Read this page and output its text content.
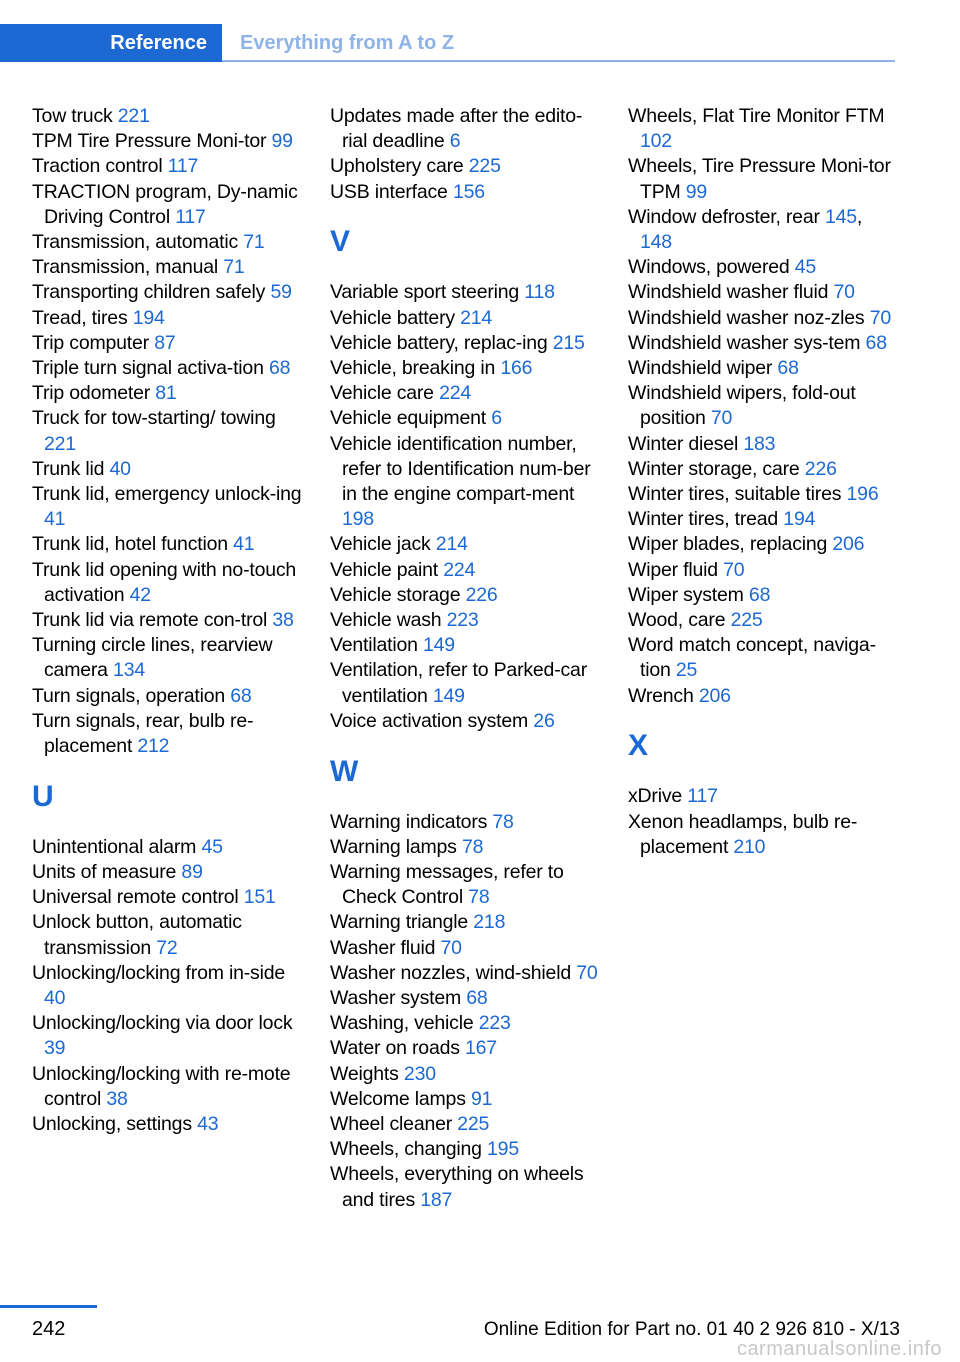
Reference	Everything from A to Z
Tow truck 221
TPM Tire Pressure Moni-tor 99
Traction control 117
TRACTION program, Dy-namic Driving Control 117
Transmission, automatic 71
Transmission, manual 71
Transporting children safely 59
Tread, tires 194
Trip computer 87
Triple turn signal activa-tion 68
Trip odometer 81
Truck for tow-starting/ towing 221
Trunk lid 40
Trunk lid, emergency unlock-ing 41
Trunk lid, hotel function 41
Trunk lid opening with no-touch activation 42
Trunk lid via remote con-trol 38
Turning circle lines, rearview camera 134
Turn signals, operation 68
Turn signals, rear, bulb re-placement 212
U
Unintentional alarm 45
Units of measure 89
Universal remote control 151
Unlock button, automatic transmission 72
Unlocking/locking from in-side 40
Unlocking/locking via door lock 39
Unlocking/locking with re-mote control 38
Unlocking, settings 43
Updates made after the edito-rial deadline 6
Upholstery care 225
USB interface 156
V
Variable sport steering 118
Vehicle battery 214
Vehicle battery, replac-ing 215
Vehicle, breaking in 166
Vehicle care 224
Vehicle equipment 6
Vehicle identification number, refer to Identification num-ber in the engine compart-ment 198
Vehicle jack 214
Vehicle paint 224
Vehicle storage 226
Vehicle wash 223
Ventilation 149
Ventilation, refer to Parked-car ventilation 149
Voice activation system 26
W
Warning indicators 78
Warning lamps 78
Warning messages, refer to Check Control 78
Warning triangle 218
Washer fluid 70
Washer nozzles, wind-shield 70
Washer system 68
Washing, vehicle 223
Water on roads 167
Weights 230
Welcome lamps 91
Wheel cleaner 225
Wheels, changing 195
Wheels, everything on wheels and tires 187
Wheels, Flat Tire Monitor FTM 102
Wheels, Tire Pressure Moni-tor TPM 99
Window defroster, rear 145, 148
Windows, powered 45
Windshield washer fluid 70
Windshield washer noz-zles 70
Windshield washer sys-tem 68
Windshield wiper 68
Windshield wipers, fold-out position 70
Winter diesel 183
Winter storage, care 226
Winter tires, suitable tires 196
Winter tires, tread 194
Wiper blades, replacing 206
Wiper fluid 70
Wiper system 68
Wood, care 225
Word match concept, naviga-tion 25
Wrench 206
X
xDrive 117
Xenon headlamps, bulb re-placement 210
242	Online Edition for Part no. 01 40 2 926 810 - X/13
carmanualsonline.info
